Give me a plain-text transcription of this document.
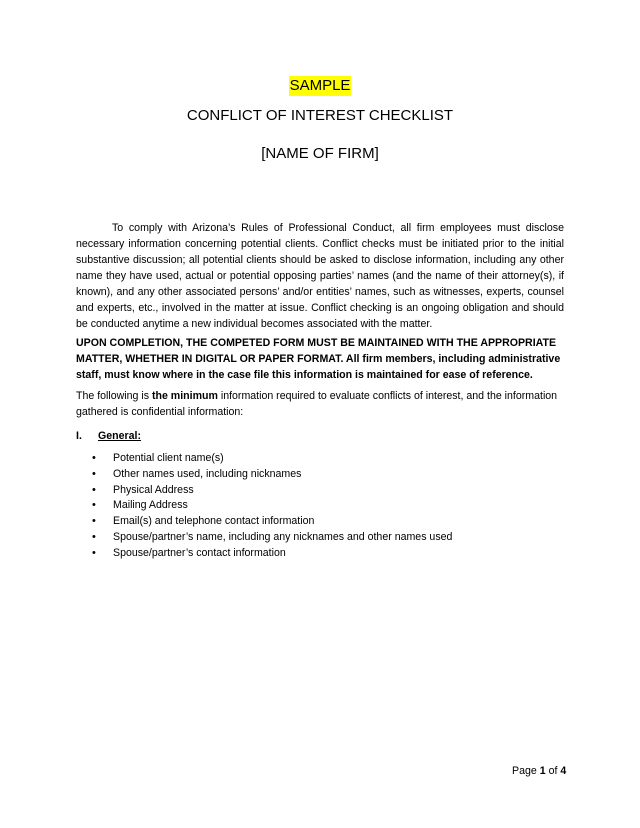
SAMPLE
CONFLICT OF INTEREST CHECKLIST
[NAME OF FIRM]

To comply with Arizona’s Rules of Professional Conduct, all firm employees must disclose necessary information concerning potential clients. Conflict checks must be initiated prior to the initial substantive discussion; all potential clients should be asked to disclose information, including any other name they have used, actual or potential opposing parties’ names (and the name of their attorney(s), if known), and any other associated persons’ and/or entities’ names, such as witnesses, experts, counsel and experts, etc., involved in the matter at issue. Conflict checking is an ongoing obligation and should be conducted anytime a new individual becomes associated with the matter.

UPON COMPLETION, THE COMPETED FORM MUST BE MAINTAINED WITH THE APPROPRIATE MATTER, WHETHER IN DIGITAL OR PAPER FORMAT. All firm members, including administrative staff, must know where in the case file this information is maintained for ease of reference.

The following is the minimum information required to evaluate conflicts of interest, and the information gathered is confidential information:

I. General:
• Potential client name(s)
• Other names used, including nicknames
• Physical Address
• Mailing Address
• Email(s) and telephone contact information
• Spouse/partner’s name, including any nicknames and other names used
• Spouse/partner’s contact information
Page 1 of 4
